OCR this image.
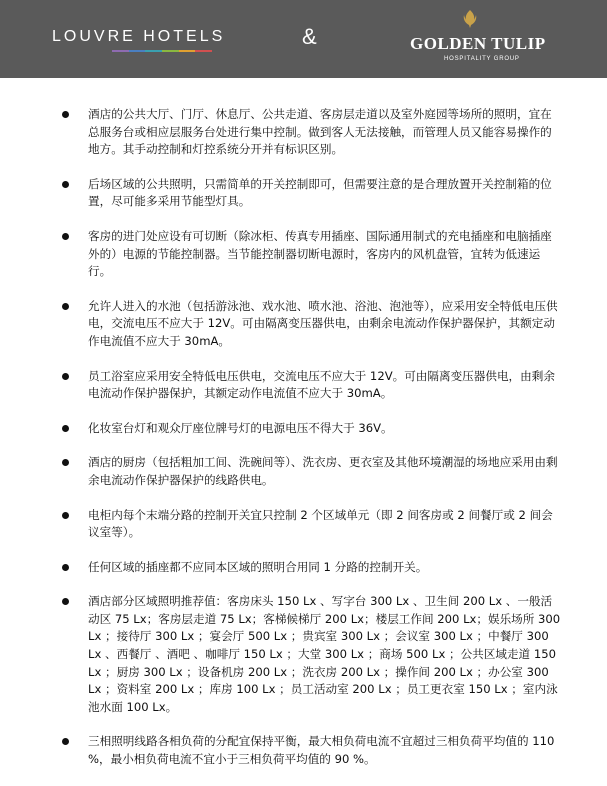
LOUVRE HOTELS	&	GOLDEN TULIP
HOSPITALITY GROUP
酒店的公共大厅、门厅、休息厅、公共走道、客房层走道以及室外庭园等场所的照明，宜在总服务台或相应层服务台处进行集中控制。做到客人无法接触，而管理人员又能容易操作的地方。其手动控制和灯控系统分开并有标识区别。
后场区域的公共照明，只需简单的开关控制即可，但需要注意的是合理放置开关控制箱的位置，尽可能多采用节能型灯具。
客房的进门处应设有可切断（除冰柜、传真专用插座、国际通用制式的充电插座和电脑插座外的）电源的节能控制器。当节能控制器切断电源时，客房内的风机盘管，宜转为低速运行。
允许人进入的水池（包括游泳池、戏水池、喷水池、浴池、泡池等），应采用安全特低电压供电，交流电压不应大于 12V。可由隔离变压器供电，由剩余电流动作保护器保护，其额定动作电流值不应大于 30mA。
员工浴室应采用安全特低电压供电，交流电压不应大于 12V。可由隔离变压器供电，由剩余电流动作保护器保护，其额定动作电流值不应大于 30mA。
化妆室台灯和观众厅座位牌号灯的电源电压不得大于 36V。
酒店的厨房（包括粗加工间、洗碗间等）、洗衣房、更衣室及其他环境潮湿的场地应采用由剩余电流动作保护器保护的线路供电。
电柜内每个末端分路的控制开关宜只控制 2 个区域单元（即 2 间客房或 2 间餐厅或 2 间会议室等）。
任何区域的插座都不应同本区域的照明合用同 1 分路的控制开关。
酒店部分区域照明推荐值：客房床头 150 Lx 、写字台 300 Lx 、卫生间 200 Lx 、一般活动区 75 Lx；客房层走道 75 Lx；客梯候梯厅 200 Lx；楼层工作间 200 Lx；娱乐场所 300 Lx ；接待厅 300 Lx ；宴会厅 500 Lx ；贵宾室 300 Lx ；会议室 300 Lx ；中餐厅 300 Lx 、西餐厅 、酒吧 、咖啡厅 150 Lx ；大堂 300 Lx ；商场 500 Lx ；公共区域走道 150 Lx ；厨房 300 Lx ；设备机房 200 Lx ；洗衣房 200 Lx ；操作间 200 Lx ；办公室 300 Lx ；资料室 200 Lx ；库房 100 Lx ；员工活动室 200 Lx ；员工更衣室 150 Lx ；室内泳池水面 100 Lx。
三相照明线路各相负荷的分配宜保持平衡，最大相负荷电流不宜超过三相负荷平均值的 110 %，最小相负荷电流不宜小于三相负荷平均值的 90 %。
